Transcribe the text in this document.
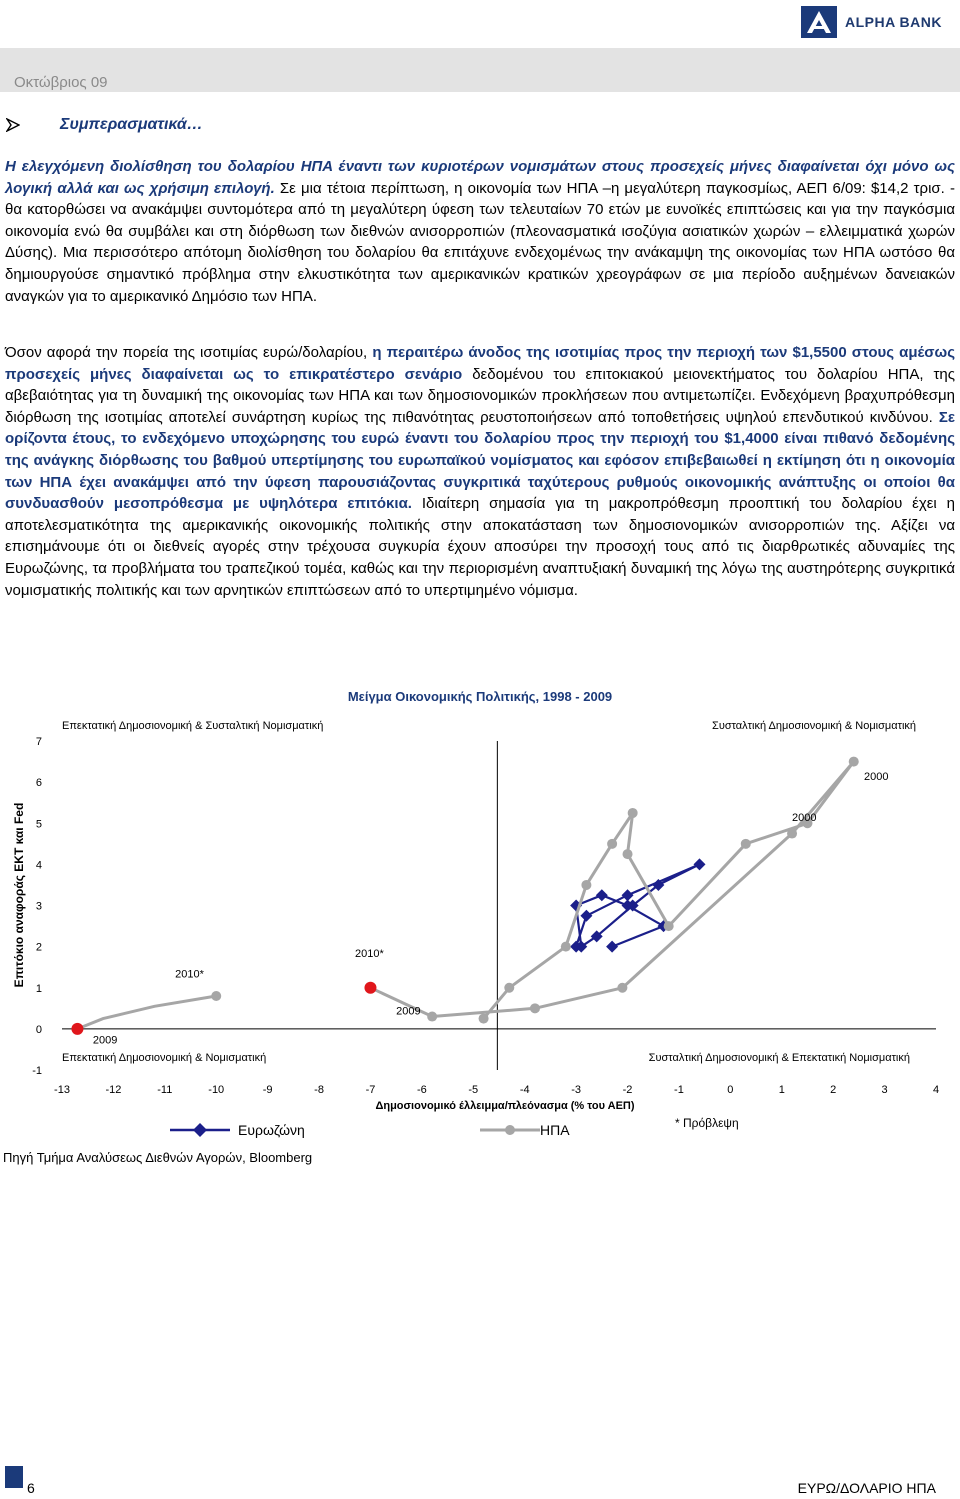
ALPHA BANK
Οκτώβριος 09
Συμπερασματικά…
Η ελεγχόμενη διολίσθηση του δολαρίου ΗΠΑ έναντι των κυριοτέρων νομισμάτων στους προσεχείς μήνες διαφαίνεται όχι μόνο ως λογική αλλά και ως χρήσιμη επιλογή. Σε μια τέτοια περίπτωση, η οικονομία των ΗΠΑ –η μεγαλύτερη παγκοσμίως, ΑΕΠ 6/09: $14,2 τρισ. - θα κατορθώσει να ανακάμψει συντομότερα από τη μεγαλύτερη ύφεση των τελευταίων 70 ετών με ευνοϊκές επιπτώσεις και για την παγκόσμια οικονομία ενώ θα συμβάλει και στη διόρθωση των διεθνών ανισορροπιών (πλεονασματικά ισοζύγια ασιατικών χωρών – ελλειμματικά χωρών Δύσης). Μια περισσότερο απότομη διολίσθηση του δολαρίου θα επιτάχυνε ενδεχομένως την ανάκαμψη της οικονομίας των ΗΠΑ ωστόσο θα δημιουργούσε σημαντικό πρόβλημα στην ελκυστικότητα των αμερικανικών κρατικών χρεογράφων σε μια περίοδο αυξημένων δανειακών αναγκών για το αμερικανικό Δημόσιο των ΗΠΑ.
Όσον αφορά την πορεία της ισοτιμίας ευρώ/δολαρίου, η περαιτέρω άνοδος της ισοτιμίας προς την περιοχή των $1,5500 στους αμέσως προσεχείς μήνες διαφαίνεται ως το επικρατέστερο σενάριο δεδομένου του επιτοκιακού μειονεκτήματος του δολαρίου ΗΠΑ, της αβεβαιότητας για τη δυναμική της οικονομίας των ΗΠΑ και των δημοσιονομικών προκλήσεων που αντιμετωπίζει. Ενδεχόμενη βραχυπρόθεσμη διόρθωση της ισοτιμίας αποτελεί συνάρτηση κυρίως της πιθανότητας ρευστοποιήσεων από τοποθετήσεις υψηλού επενδυτικού κινδύνου. Σε ορίζοντα έτους, το ενδεχόμενο υποχώρησης του ευρώ έναντι του δολαρίου προς την περιοχή του $1,4000 είναι πιθανό δεδομένης της ανάγκης διόρθωσης του βαθμού υπερτίμησης του ευρωπαϊκού νομίσματος και εφόσον επιβεβαιωθεί η εκτίμηση ότι η οικονομία των ΗΠΑ έχει ανακάμψει από την ύφεση παρουσιάζοντας συγκριτικά ταχύτερους ρυθμούς οικονομικής ανάπτυξης οι οποίοι θα συνδυασθούν μεσοπρόθεσμα με υψηλότερα επιτόκια. Ιδιαίτερη σημασία για τη μακροπρόθεσμη προοπτική του δολαρίου έχει η αποτελεσματικότητα της αμερικανικής οικονομικής πολιτικής στην αποκατάσταση των δημοσιονομικών ανισορροπιών της. Αξίζει να επισημάνουμε ότι οι διεθνείς αγορές στην τρέχουσα συγκυρία έχουν αποσύρει την προσοχή τους από τις διαρθρωτικές αδυναμίες της Ευρωζώνης, τα προβλήματα του τραπεζικού τομέα, καθώς και την περιορισμένη αναπτυξιακή δυναμική της λόγω της αυστηρότερης συγκριτικά νομισματικής πολιτικής και των αρνητικών επιπτώσεων από το υπερτιμημένο νόμισμα.
Μείγμα Οικονομικής Πολιτικής, 1998 - 2009
Επιτόκιο αναφοράς ΕΚΤ και Fed
Δημοσιονομικό έλλειμμα/πλεόνασμα (% του ΑΕΠ)
Επεκτατική Δημοσιονομική & Συσταλτική Νομισματική	Συσταλτική Δημοσιονομική & Νομισματική
Επεκτατική Δημοσιονομική & Νομισματική	Συσταλτική Δημοσιονομική & Επεκτατική Νομισματική
-13	-12	-11	-10	-9	-8	-7	-6	-5	-4	-3	-2	-1	0	1	2	3	4
-1
0
1
2
3
4
5
6
7
2000
2000
2010*
2010*
2009
2009
Ευρωζώνη	ΗΠΑ	* Πρόβλεψη
Πηγή Τμήμα Αναλύσεως Διεθνών Αγορών, Bloomberg
6	ΕΥΡΩ/ΔΟΛΑΡΙΟ ΗΠΑ
